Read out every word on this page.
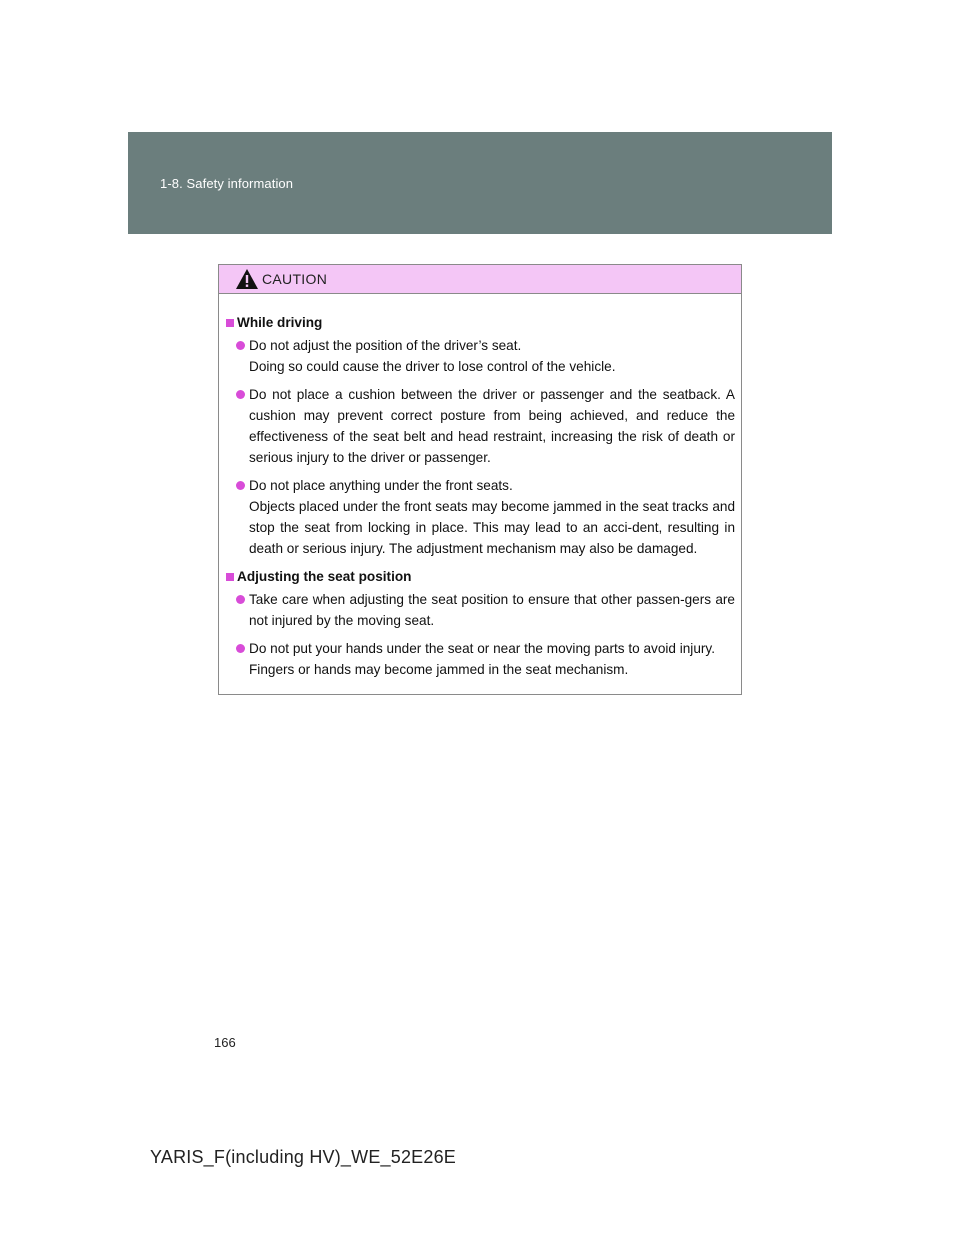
1-8. Safety information
CAUTION
While driving

Do not adjust the position of the driver’s seat.

Doing so could cause the driver to lose control of the vehicle.

Do not place a cushion between the driver or passenger and the seatback. A cushion may prevent correct posture from being achieved, and reduce the effectiveness of the seat belt and head restraint, increasing the risk of death or serious injury to the driver or passenger.

Do not place anything under the front seats.

Objects placed under the front seats may become jammed in the seat tracks and stop the seat from locking in place. This may lead to an acci-dent, resulting in death or serious injury. The adjustment mechanism may also be damaged.

Adjusting the seat position

Take care when adjusting the seat position to ensure that other passen-gers are not injured by the moving seat.

Do not put your hands under the seat or near the moving parts to avoid injury.

Fingers or hands may become jammed in the seat mechanism.

166
YARIS_F(including HV)_WE_52E26E
